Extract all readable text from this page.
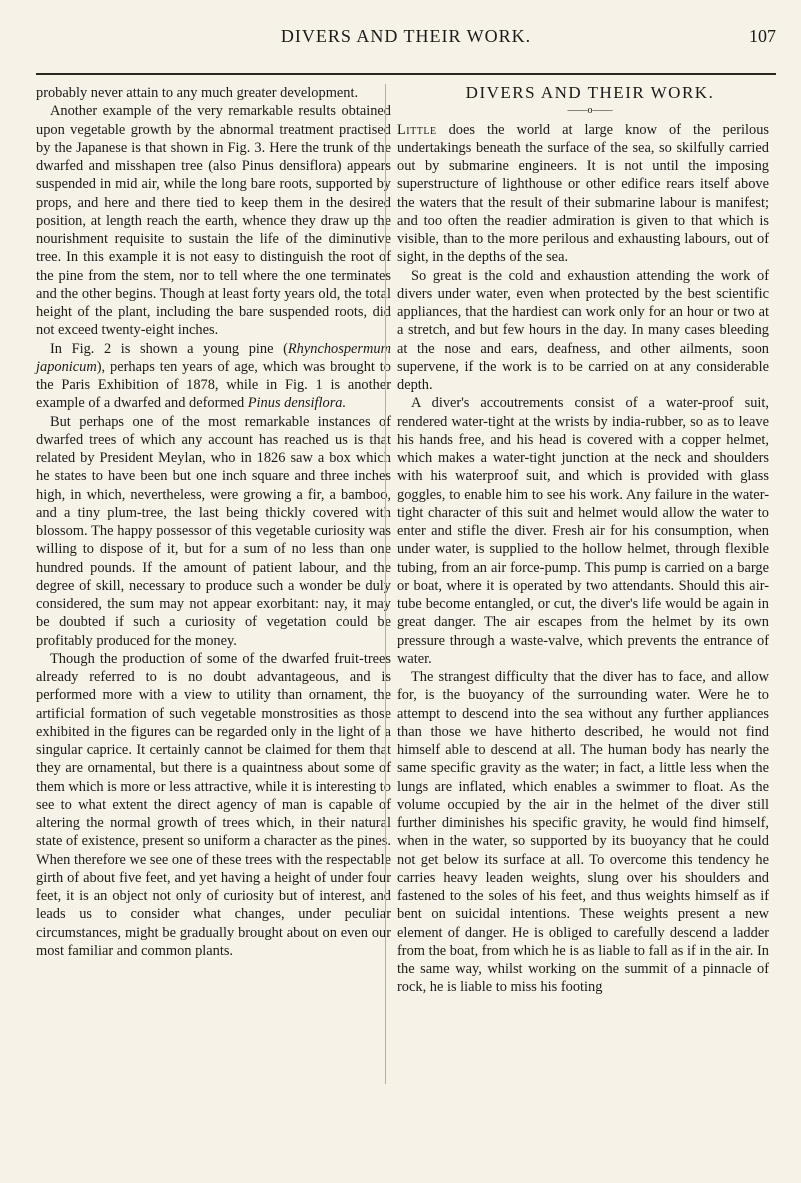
DIVERS AND THEIR WORK.	107

probably never attain to any much greater development.

Another example of the very remarkable results obtained upon vegetable growth by the abnormal treatment practised by the Japanese is that shown in Fig. 3. Here the trunk of the dwarfed and misshapen tree (also Pinus densiflora) appears suspended in mid air, while the long bare roots, supported by props, and here and there tied to keep them in the desired position, at length reach the earth, whence they draw up the nourishment requisite to sustain the life of the diminutive tree. In this example it is not easy to distinguish the root of the pine from the stem, nor to tell where the one terminates and the other begins. Though at least forty years old, the total height of the plant, including the bare suspended roots, did not exceed twenty-eight inches.

In Fig. 2 is shown a young pine (Rhynchospermum japonicum), perhaps ten years of age, which was brought to the Paris Exhibition of 1878, while in Fig. 1 is another example of a dwarfed and deformed Pinus densiflora.

But perhaps one of the most remarkable instances of dwarfed trees of which any account has reached us is that related by President Meylan, who in 1826 saw a box which he states to have been but one inch square and three inches high, in which, nevertheless, were growing a fir, a bamboo, and a tiny plum-tree, the last being thickly covered with blossom. The happy possessor of this vegetable curiosity was willing to dispose of it, but for a sum of no less than one hundred pounds. If the amount of patient labour, and the degree of skill, necessary to produce such a wonder be duly considered, the sum may not appear exorbitant: nay, it may be doubted if such a curiosity of vegetation could be profitably produced for the money.

Though the production of some of the dwarfed fruit-trees already referred to is no doubt advantageous, and is performed more with a view to utility than ornament, the artificial formation of such vegetable monstrosities as those exhibited in the figures can be regarded only in the light of a singular caprice. It certainly cannot be claimed for them that they are ornamental, but there is a quaintness about some of them which is more or less attractive, while it is interesting to see to what extent the direct agency of man is capable of altering the normal growth of trees which, in their natural state of existence, present so uniform a character as the pines. When therefore we see one of these trees with the respectable girth of about five feet, and yet having a height of under four feet, it is an object not only of curiosity but of interest, and leads us to consider what changes, under peculiar circumstances, might be gradually brought about on even our most familiar and common plants.

DIVERS AND THEIR WORK.

——o——

Little does the world at large know of the perilous undertakings beneath the surface of the sea, so skilfully carried out by submarine engineers. It is not until the imposing superstructure of lighthouse or other edifice rears itself above the waters that the result of their submarine labour is manifest; and too often the readier admiration is given to that which is visible, than to the more perilous and exhausting labours, out of sight, in the depths of the sea.

So great is the cold and exhaustion attending the work of divers under water, even when protected by the best scientific appliances, that the hardiest can work only for an hour or two at a stretch, and but few hours in the day. In many cases bleeding at the nose and ears, deafness, and other ailments, soon supervene, if the work is to be carried on at any considerable depth.

A diver's accoutrements consist of a water-proof suit, rendered water-tight at the wrists by india-rubber, so as to leave his hands free, and his head is covered with a copper helmet, which makes a water-tight junction at the neck and shoulders with his waterproof suit, and which is provided with glass goggles, to enable him to see his work. Any failure in the water-tight character of this suit and helmet would allow the water to enter and stifle the diver. Fresh air for his consumption, when under water, is supplied to the hollow helmet, through flexible tubing, from an air force-pump. This pump is carried on a barge or boat, where it is operated by two attendants. Should this air-tube become entangled, or cut, the diver's life would be again in great danger. The air escapes from the helmet by its own pressure through a waste-valve, which prevents the entrance of water.

The strangest difficulty that the diver has to face, and allow for, is the buoyancy of the surrounding water. Were he to attempt to descend into the sea without any further appliances than those we have hitherto described, he would not find himself able to descend at all. The human body has nearly the same specific gravity as the water; in fact, a little less when the lungs are inflated, which enables a swimmer to float. As the volume occupied by the air in the helmet of the diver still further diminishes his specific gravity, he would find himself, when in the water, so supported by its buoyancy that he could not get below its surface at all. To overcome this tendency he carries heavy leaden weights, slung over his shoulders and fastened to the soles of his feet, and thus weights himself as if bent on suicidal intentions. These weights present a new element of danger. He is obliged to carefully descend a ladder from the boat, from which he is as liable to fall as if in the air. In the same way, whilst working on the summit of a pinnacle of rock, he is liable to miss his footing
